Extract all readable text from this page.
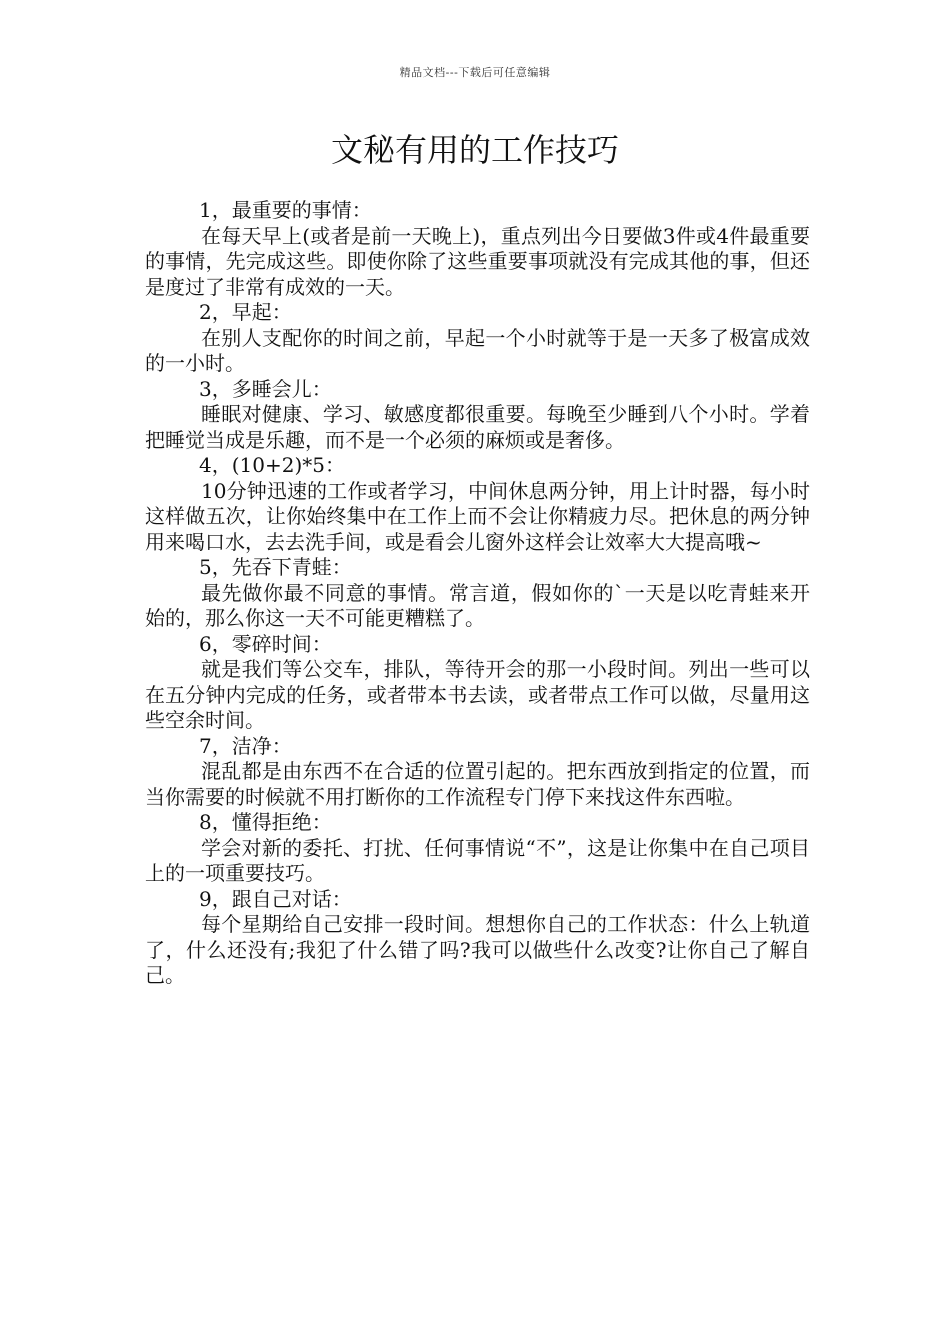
精品文档---下载后可任意编辑
文秘有用的工作技巧

1，最重要的事情：

在每天早上(或者是前一天晚上)，重点列出今日要做3件或4件最重要的事情，先完成这些。即使你除了这些重要事项就没有完成其他的事，但还是度过了非常有成效的一天。

2，早起：

在别人支配你的时间之前，早起一个小时就等于是一天多了极富成效的一小时。

3，多睡会儿：

睡眠对健康、学习、敏感度都很重要。每晚至少睡到八个小时。学着把睡觉当成是乐趣，而不是一个必须的麻烦或是奢侈。

4，(10+2)*5：

10分钟迅速的工作或者学习，中间休息两分钟，用上计时器，每小时这样做五次，让你始终集中在工作上而不会让你精疲力尽。把休息的两分钟用来喝口水，去去洗手间，或是看会儿窗外这样会让效率大大提高哦~

5，先吞下青蛙：

最先做你最不同意的事情。常言道，假如你的`一天是以吃青蛙来开始的，那么你这一天不可能更糟糕了。

6，零碎时间：

就是我们等公交车，排队，等待开会的那一小段时间。列出一些可以在五分钟内完成的任务，或者带本书去读，或者带点工作可以做，尽量用这些空余时间。

7，洁净：

混乱都是由东西不在合适的位置引起的。把东西放到指定的位置，而当你需要的时候就不用打断你的工作流程专门停下来找这件东西啦。

8，懂得拒绝：

学会对新的委托、打扰、任何事情说“不”，这是让你集中在自己项目上的一项重要技巧。

9，跟自己对话：

每个星期给自己安排一段时间。想想你自己的工作状态：什么上轨道了，什么还没有;我犯了什么错了吗?我可以做些什么改变?让你自己了解自己。
